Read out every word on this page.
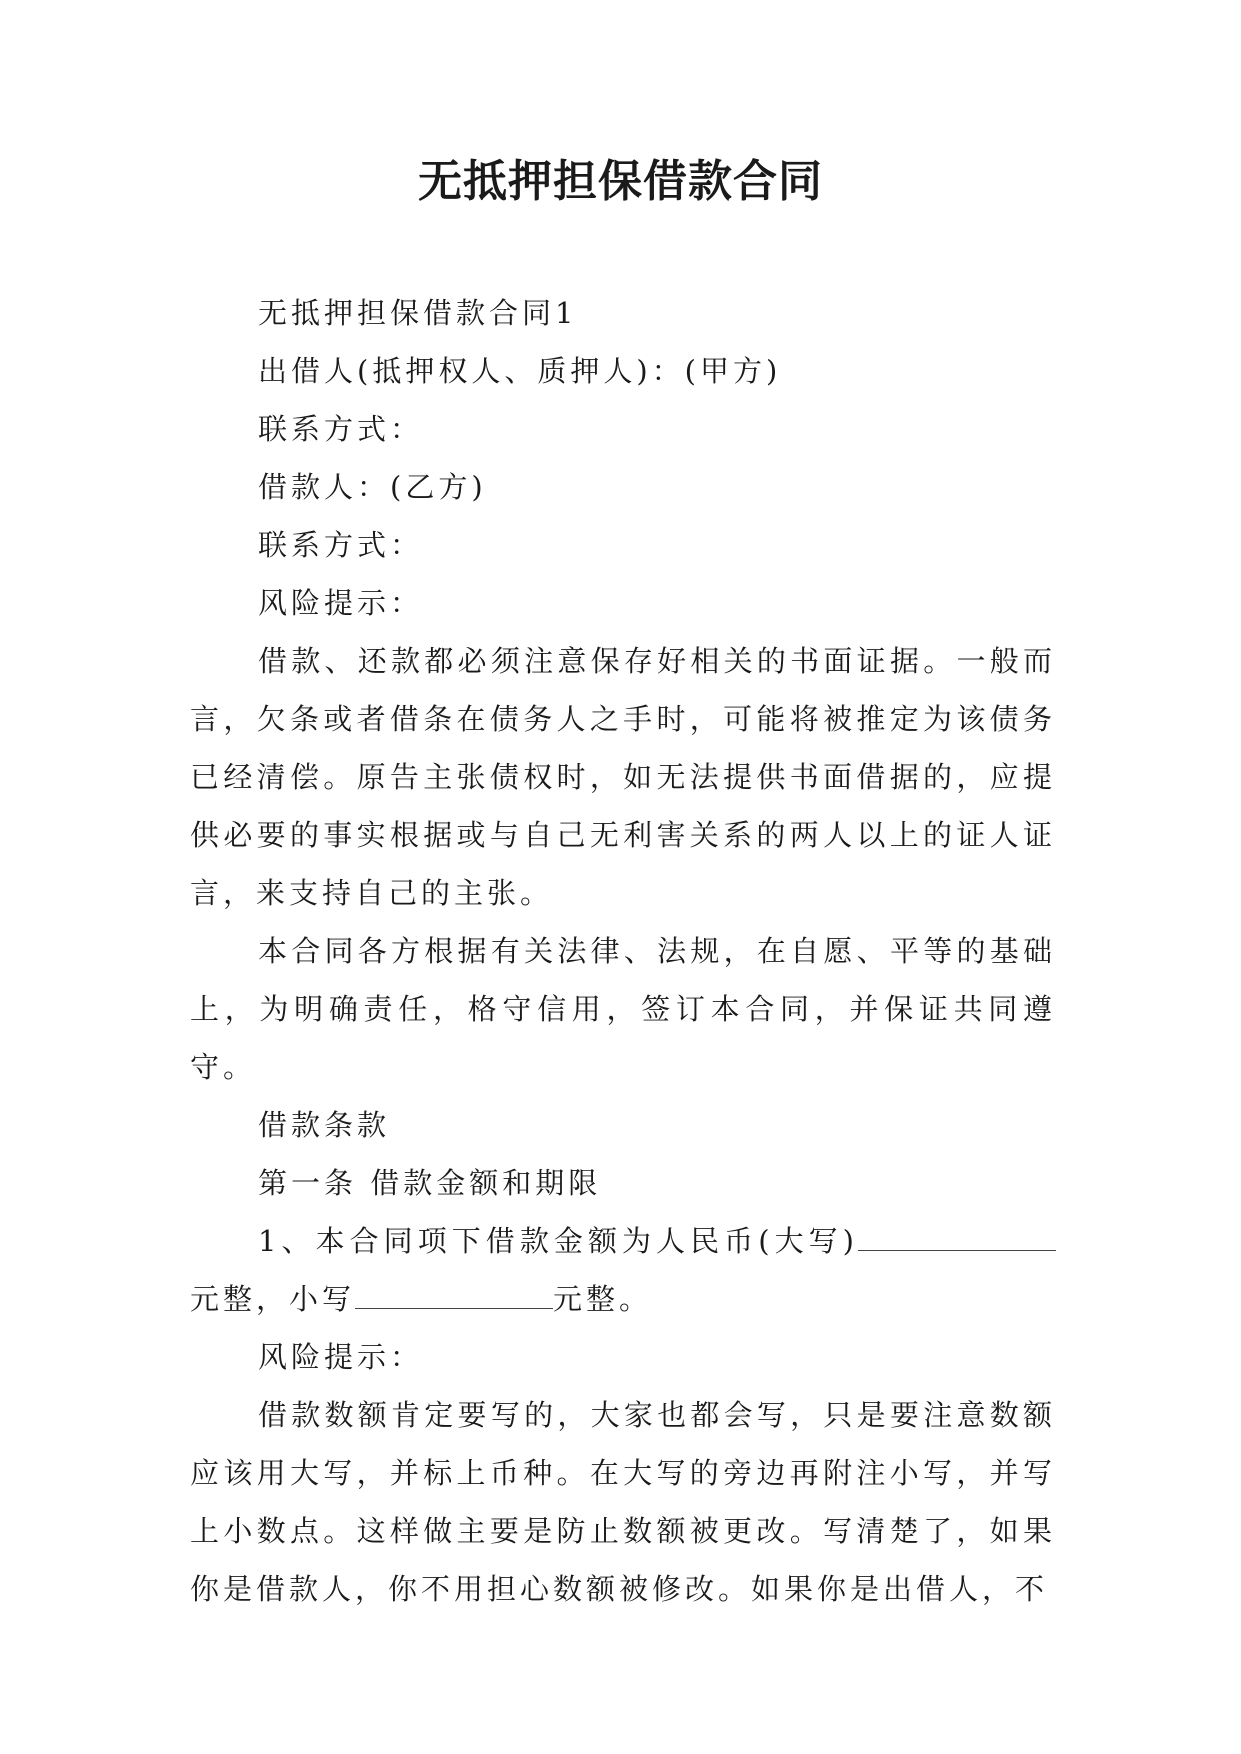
无抵押担保借款合同

无抵押担保借款合同1

出借人(抵押权人、质押人)：(甲方)

联系方式：

借款人：(乙方)

联系方式：

风险提示：

借款、还款都必须注意保存好相关的书面证据。一般而言，欠条或者借条在债务人之手时，可能将被推定为该债务已经清偿。原告主张债权时，如无法提供书面借据的，应提供必要的事实根据或与自己无利害关系的两人以上的证人证言，来支持自己的主张。

本合同各方根据有关法律、法规，在自愿、平等的基础上，为明确责任，格守信用，签订本合同，并保证共同遵守。

借款条款

第一条 借款金额和期限

1、本合同项下借款金额为人民币(大写)元整，小写	元整。

风险提示：

借款数额肯定要写的，大家也都会写，只是要注意数额应该用大写，并标上币种。在大写的旁边再附注小写，并写上小数点。这样做主要是防止数额被更改。写清楚了，如果你是借款人，你不用担心数额被修改。如果你是出借人，不
